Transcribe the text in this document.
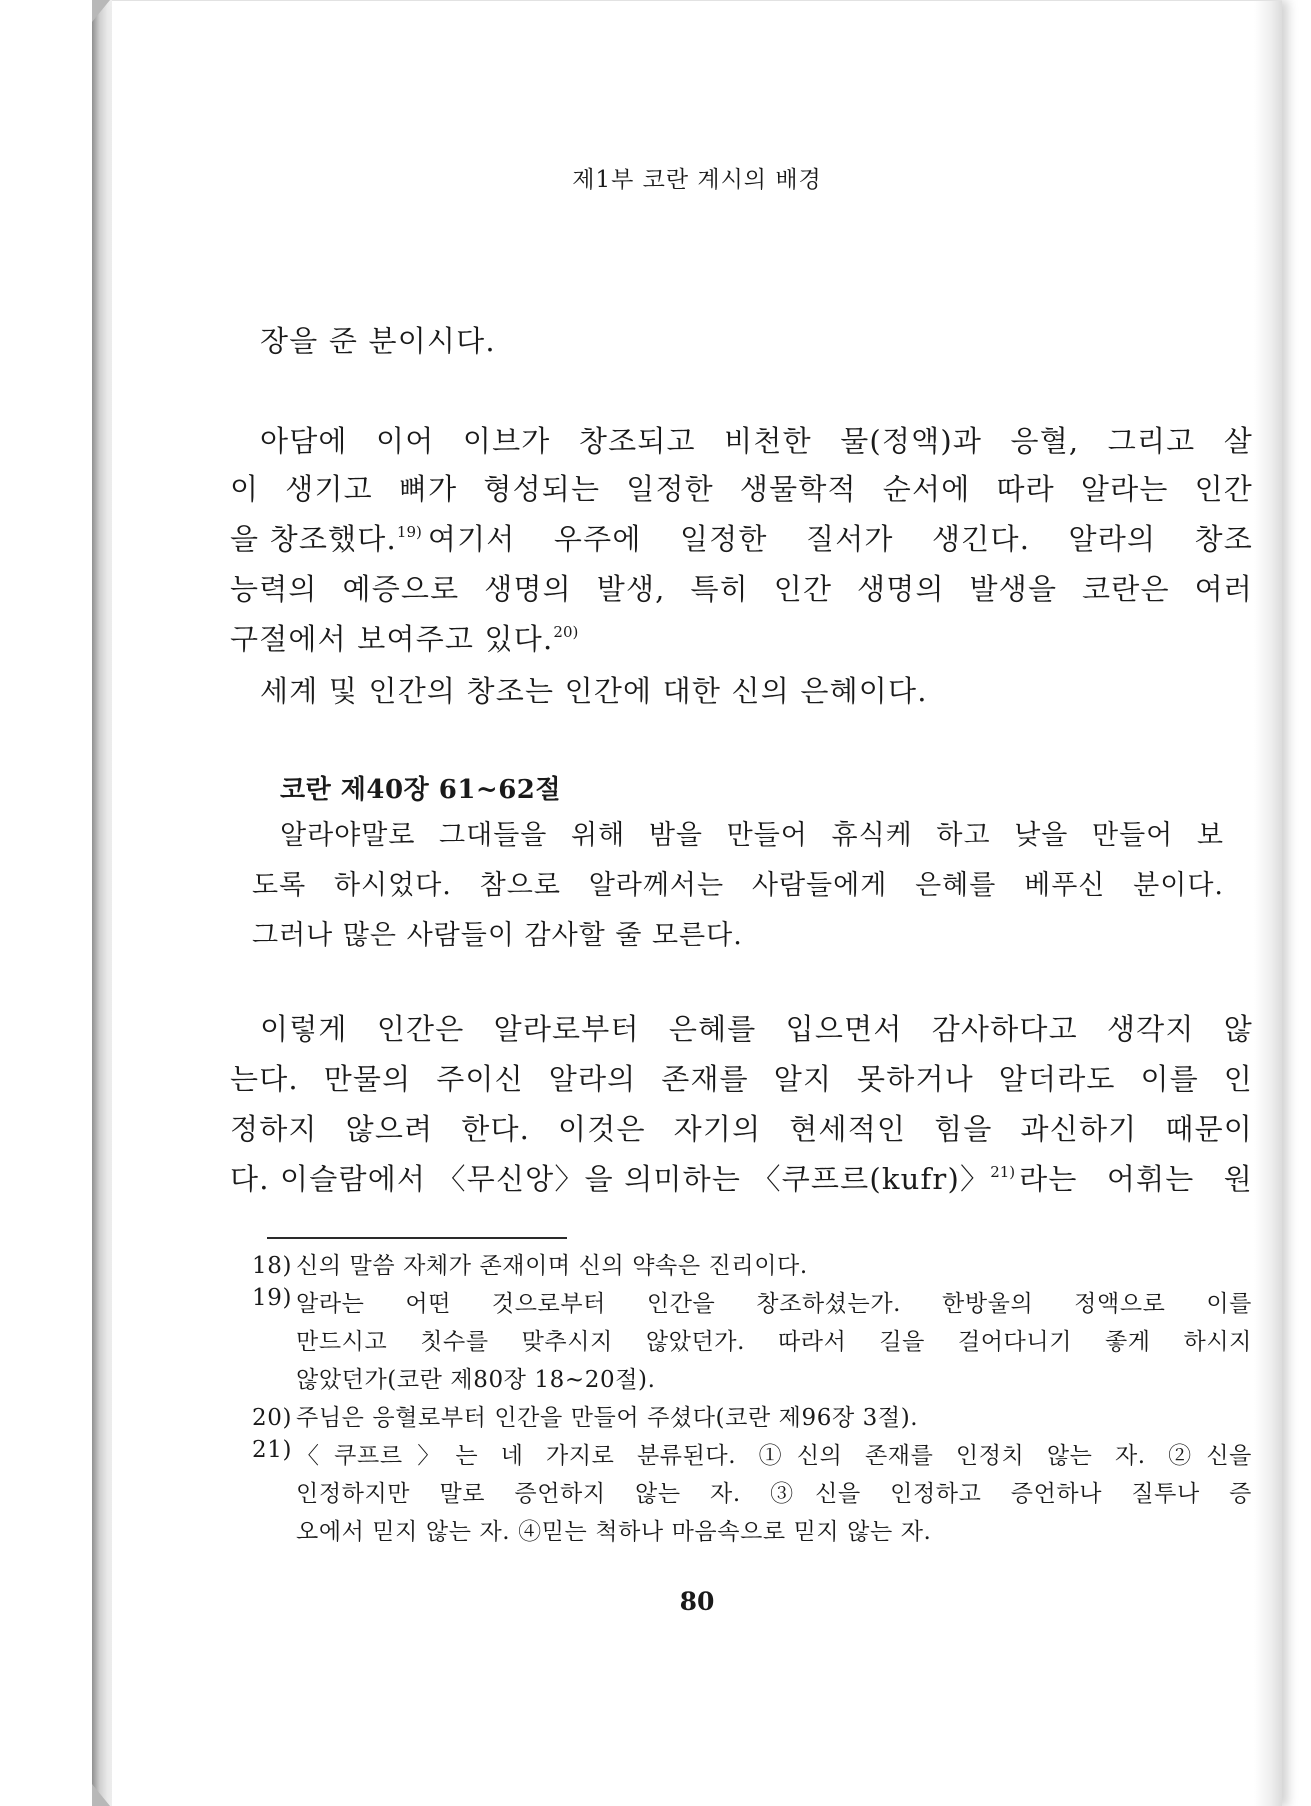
제1부 코란 계시의 배경
장을 준 분이시다.
아담에 이어 이브가 창조되고 비천한 물(정액)과 응혈, 그리고 살
이 생기고 뼈가 형성되는 일정한 생물학적 순서에 따라 알라는 인간
을 창조했다.$^{19)}$ 여기서 우주에 일정한 질서가 생긴다. 알라의 창조
능력의 예증으로 생명의 발생, 특히 인간 생명의 발생을 코란은 여러
구절에서 보여주고 있다.$^{20)}$
세계 및 인간의 창조는 인간에 대한 신의 은혜이다.
코란 제40장 61~62절
알라야말로 그대들을 위해 밤을 만들어 휴식케 하고 낮을 만들어 보
도록 하시었다. 참으로 알라께서는 사람들에게 은혜를 베푸신 분이다.
그러나 많은 사람들이 감사할 줄 모른다.
이렇게 인간은 알라로부터 은혜를 입으면서 감사하다고 생각지 않
는다. 만물의 주이신 알라의 존재를 알지 못하거나 알더라도 이를 인
정하지 않으려 한다. 이것은 자기의 현세적인 힘을 과신하기 때문이
다. 이슬람에서 〈무신앙〉을 의미하는 〈쿠프르(kufr)〉$^{21)}$ 라는 어휘는 원
18) 신의 말씀 자체가 존재이며 신의 약속은 진리이다.
19) 알라는 어떤 것으로부터 인간을 창조하셨는가. 한방울의 정액으로 이를
만드시고 칫수를 맞추시지 않았던가. 따라서 길을 걸어다니기 좋게 하시지
않았던가(코란 제80장 18~20절).
20) 주님은 응혈로부터 인간을 만들어 주셨다(코란 제96장 3절).
21) 〈쿠프르〉는 네 가지로 분류된다. ①신의 존재를 인정치 않는 자. ②신을
인정하지만 말로 증언하지 않는 자. ③신을 인정하고 증언하나 질투나 증
오에서 믿지 않는 자. ④믿는 척하나 마음속으로 믿지 않는 자.
80
